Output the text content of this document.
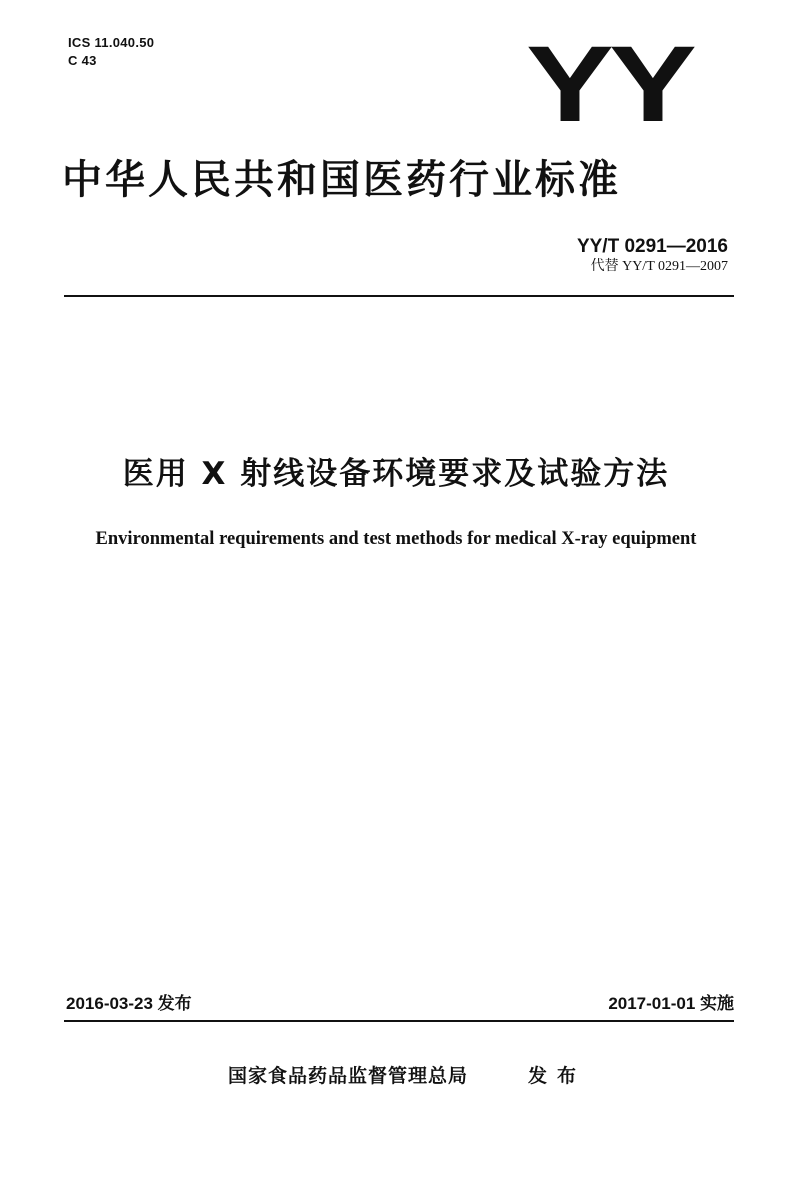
ICS 11.040.50
C 43	YY
中华人民共和国医药行业标准
YY/T 0291—2016
代替 YY/T 0291—2007
医用 X 射线设备环境要求及试验方法
Environmental requirements and test methods for medical X-ray equipment
2016-03-23 发布	2017-01-01 实施
国家食品药品监督管理总局	发布
